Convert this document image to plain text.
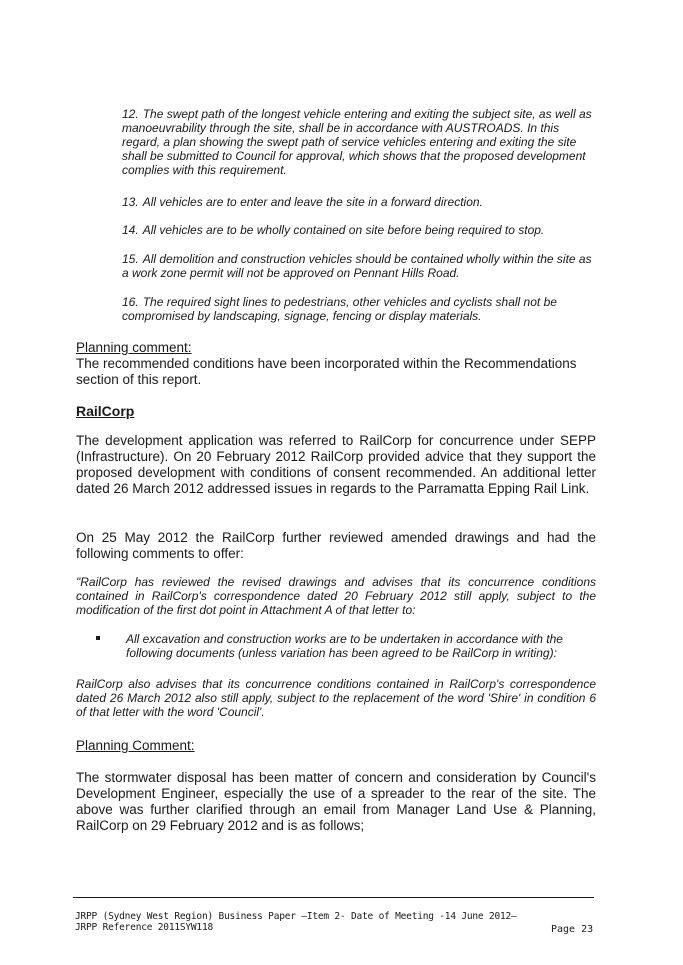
12. The swept path of the longest vehicle entering and exiting the subject site, as well as manoeuvrability through the site, shall be in accordance with AUSTROADS. In this regard, a plan showing the swept path of service vehicles entering and exiting the site shall be submitted to Council for approval, which shows that the proposed development complies with this requirement.

13. All vehicles are to enter and leave the site in a forward direction.

14. All vehicles are to be wholly contained on site before being required to stop.

15. All demolition and construction vehicles should be contained wholly within the site as a work zone permit will not be approved on Pennant Hills Road.

16. The required sight lines to pedestrians, other vehicles and cyclists shall not be compromised by landscaping, signage, fencing or display materials.

Planning comment:

The recommended conditions have been incorporated within the Recommendations section of this report.

RailCorp

The development application was referred to RailCorp for concurrence under SEPP (Infrastructure). On 20 February 2012 RailCorp provided advice that they support the proposed development with conditions of consent recommended. An additional letter dated 26 March 2012 addressed issues in regards to the Parramatta Epping Rail Link.

On 25 May 2012 the RailCorp further reviewed amended drawings and had the following comments to offer:

"RailCorp has reviewed the revised drawings and advises that its concurrence conditions contained in RailCorp's correspondence dated 20 February 2012 still apply, subject to the modification of the first dot point in Attachment A of that letter to:

All excavation and construction works are to be undertaken in accordance with the following documents (unless variation has been agreed to be RailCorp in writing):

RailCorp also advises that its concurrence conditions contained in RailCorp's correspondence dated 26 March 2012 also still apply, subject to the replacement of the word 'Shire' in condition 6 of that letter with the word 'Council'.

Planning Comment:

The stormwater disposal has been matter of concern and consideration by Council's Development Engineer, especially the use of a spreader to the rear of the site. The above was further clarified through an email from Manager Land Use & Planning, RailCorp on 29 February 2012 and is as follows;

JRPP (Sydney West Region) Business Paper –Item 2- Date of Meeting -14 June 2012–

JRPP Reference 2011SYW118	Page 23
